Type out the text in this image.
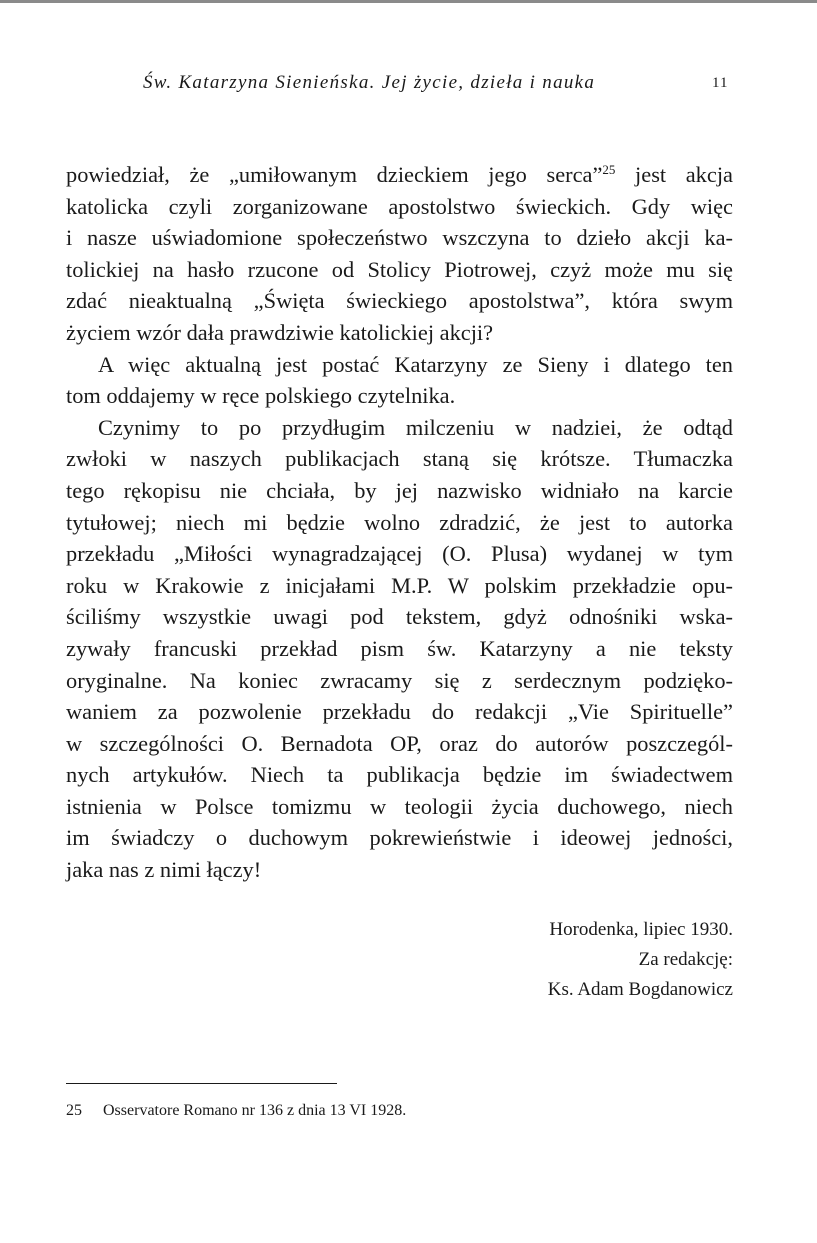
Św. Katarzyna Sienieńska. Jej życie, dzieła i nauka	11
powiedział, że „umiłowanym dzieckiem jego serca”$^{25}$ jest akcja
katolicka czyli zorganizowane apostolstwo świeckich. Gdy więc
i nasze uświadomione społeczeństwo wszczyna to dzieło akcji ka-
tolickiej na hasło rzucone od Stolicy Piotrowej, czyż może mu się
zdać nieaktualną „Święta świeckiego apostolstwa”, która swym
życiem wzór dała prawdziwie katolickiej akcji?
A więc aktualną jest postać Katarzyny ze Sieny i dlatego ten
tom oddajemy w ręce polskiego czytelnika.
Czynimy to po przydługim milczeniu w nadziei, że odtąd
zwłoki w naszych publikacjach staną się krótsze. Tłumaczka
tego rękopisu nie chciała, by jej nazwisko widniało na karcie
tytułowej; niech mi będzie wolno zdradzić, że jest to autorka
przekładu „Miłości wynagradzającej (O. Plusa) wydanej w tym
roku w Krakowie z inicjałami M.P. W polskim przekładzie opu-
ściliśmy wszystkie uwagi pod tekstem, gdyż odnośniki wska-
zywały francuski przekład pism św. Katarzyny a nie teksty
oryginalne. Na koniec zwracamy się z serdecznym podzięko-
waniem za pozwolenie przekładu do redakcji „Vie Spirituelle”
w szczególności O. Bernadota OP, oraz do autorów poszczegól-
nych artykułów. Niech ta publikacja będzie im świadectwem
istnienia w Polsce tomizmu w teologii życia duchowego, niech
im świadczy o duchowym pokrewieństwie i ideowej jedności,
jaka nas z nimi łączy!
Horodenka, lipiec 1930.
Za redakcję:
Ks. Adam Bogdanowicz
25 Osservatore Romano nr 136 z dnia 13 VI 1928.
